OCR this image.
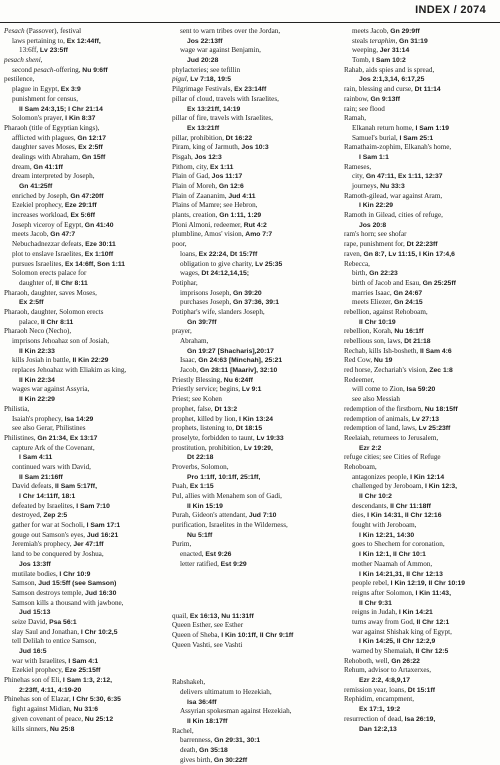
INDEX / 2074
Pesach (Passover), festival
laws pertaining to, Ex 12:44ff,
13:6ff, Lv 23:5ff
pesach sheni,
second pesach-offering, Nu 9:6ff
pestilence,
plague in Egypt, Ex 3:9
punishment for census,
II Sam 24:3,15; I Chr 21:14
Solomon's prayer, I Kin 8:37
Pharaoh (title of Egyptian kings),
afflicted with plagues, Gn 12:17
daughter saves Moses, Ex 2:5ff
dealings with Abraham, Gn 15ff
dream, Gn 41:1ff
dream interpreted by Joseph,
Gn 41:25ff
enriched by Joseph, Gn 47:20ff
Ezekiel prophecy, Eze 29:1ff
increases workload, Ex 5:6ff
Joseph viceroy of Egypt, Gn 41:40
meets Jacob, Gn 47:7
Nebuchadnezzar defeats, Eze 30:11
plot to enslave Israelites, Ex 1:10ff
pursues Israelites, Ex 14:6ff, Son 1:11
Solomon erects palace for
daughter of, II Chr 8:11
Pharaoh, daughter, saves Moses,
Ex 2:5ff
Pharaoh, daughter, Solomon erects
palace, II Chr 8:11
Pharaoh Neco (Necho),
imprisons Jehoahaz son of Josiah,
II Kin 22:33
kills Josiah in battle, II Kin 22:29
replaces Jehoahaz with Eliakim as king,
II Kin 22:34
wages war against Assyria,
II Kin 22:29
Philistia,
Isaiah's prophecy, Isa 14:29
see also Gerar, Philistines
Philistines, Gn 21:34, Ex 13:17
capture Ark of the Covenant,
I Sam 4:11
continued wars with David,
II Sam 21:16ff
David defeats, II Sam 5:17ff,
I Chr 14:11ff, 18:1
defeated by Israelites, I Sam 7:10
destroyed, Zep 2:5
gather for war at Socholi, I Sam 17:1
gouge out Samson's eyes, Jud 16:21
Jeremiah's prophecy, Jer 47:1ff
land to be conquered by Joshua,
Jos 13:3ff
mutilate bodies, I Chr 10:9
Samson, Jud 15:5ff (see Samson)
Samson destroys temple, Jud 16:30
Samson kills a thousand with jawbone,
Jud 15:13
seize David, Psa 56:1
slay Saul and Jonathan, I Chr 10:2,5
tell Delilah to entice Samson,
Jud 16:5
war with Israelites, I Sam 4:1
Ezekiel prophecy, Eze 25:15ff
Phinehas son of Eli, I Sam 1:3, 2:12,
2:23ff, 4:11, 4:19-20
Phinehas son of Elazar, I Chr 5:30, 6:35
fight against Midian, Nu 31:6
given covenant of peace, Nu 25:12
kills sinners, Nu 25:8
sent to warn tribes over the Jordan,
Jos 22:13ff
wage war against Benjamin,
Jud 20:28
phylacteries; see tefillin
pigul, Lv 7:18, 19:5
Pilgrimage Festivals, Ex 23:14ff
pillar of cloud, travels with Israelites,
Ex 13:21ff, 14:19
pillar of fire, travels with Israelites,
Ex 13:21ff
pillar, prohibition, Dt 16:22
Piram, king of Jarmuth, Jos 10:3
Pisgah, Jos 12:3
Pithom, city, Ex 1:11
Plain of Gad, Jos 11:17
Plain of Moreh, Gn 12:6
Plain of Zaananim, Jud 4:11
Plains of Mamre; see Hebron,
plants, creation, Gn 1:11, 1:29
Ploni Almoni, redeemer, Rut 4:2
plumbline, Amos' vision, Amo 7:7
poor,
loans, Ex 22:24, Dt 15:7ff
obligation to give charity, Lv 25:35
wages, Dt 24:12,14,15;
Potiphar,
imprisons Joseph, Gn 39:20
purchases Joseph, Gn 37:36, 39:1
Potiphar's wife, slanders Joseph,
Gn 39:7ff
prayer,
Abraham,
Gn 19:27 [Shacharis],20:17
Isaac, Gn 24:63 [Minchah], 25:21
Jacob, Gn 28:11 [Maariv], 32:10
Priestly Blessing, Nu 6:24ff
Priestly service; begins, Lv 9:1
Priest; see Kohen
prophet, false, Dt 13:2
prophet, killed by lion, I Kin 13:24
prophets, listening to, Dt 18:15
proselyte, forbidden to taunt, Lv 19:33
prostitution, prohibition, Lv 19:29,
Dt 22:18
Proverbs, Solomon,
Pro 1:1ff, 10:1ff, 25:1ff,
Puah, Ex 1:15
Pul, allies with Menahem son of Gadi,
II Kin 15:19
Purah, Gideon's attendant, Jud 7:10
purification, Israelites in the Wilderness,
Nu 5:1ff
Purim,
enacted, Est 9:26
letter ratified, Est 9:29
quail, Ex 16:13, Nu 11:31ff
Queen Esther, see Esther
Queen of Sheba, I Kin 10:1ff, II Chr 9:1ff
Queen Vashti, see Vashti
Rabshakeh,
delivers ultimatum to Hezekiah,
Isa 36:4ff
Assyrian spokesman against Hezekiah,
II Kin 18:17ff
Rachel,
barrenness, Gn 29:31, 30:1
death, Gn 35:18
gives birth, Gn 30:22ff
meets Jacob, Gn 29:9ff
steals teraphim, Gn 31:19
weeping, Jer 31:14
Tomb, I Sam 10:2
Rahab, aids spies and is spread,
Jos 2:1,3,14, 6:17,25
rain, blessing and curse, Dt 11:14
rainbow, Gn 9:13ff
rain; see flood
Ramah,
Elkanah return home, I Sam 1:19
Samuel's burial, I Sam 25:1
Ramathaim-zophim, Elkanah's home,
I Sam 1:1
Rameses,
city, Gn 47:11, Ex 1:11, 12:37
journeys, Nu 33:3
Ramoth-gilead, war against Aram,
I Kin 22:29
Ramoth in Gilead, cities of refuge,
Jos 20:8
ram's horn; see shofar
rape, punishment for, Dt 22:23ff
raven, Gn 8:7, Lv 11:15, I Kin 17:4,6
Rebecca,
birth, Gn 22:23
birth of Jacob and Esau, Gn 25:25ff
marries Isaac, Gn 24:67
meets Eliezer, Gn 24:15
rebellion, against Rehoboam,
II Chr 10:19
rebellion, Korah, Nu 16:1ff
rebellious son, laws, Dt 21:18
Rechab, kills Ish-bosheth, II Sam 4:6
Red Cow, Nu 19
red horse, Zechariah's vision, Zec 1:8
Redeemer,
will come to Zion, Isa 59:20
see also Messiah
redemption of the firstborn, Nu 18:15ff
redemption of animals, Lv 27:13
redemption of land, laws, Lv 25:23ff
Reelaiah, returnees to Jerusalem,
Ezr 2:2
refuge cities; see Cities of Refuge
Rehoboam,
antagonizes people, I Kin 12:14
challenged by Jeroboam, I Kin 12:3,
II Chr 10:2
descendants, II Chr 11:18ff
dies, I Kin 14:31, II Chr 12:16
fought with Jeroboam,
I Kin 12:21, 14:30
goes to Shechem for coronation,
I Kin 12:1, II Chr 10:1
mother Naamah of Ammon,
I Kin 14:21,31, II Chr 12:13
people rebel, I Kin 12:19, II Chr 10:19
reigns after Solomon, I Kin 11:43,
II Chr 9:31
reigns in Judah, I Kin 14:21
turns away from God, II Chr 12:1
war against Shishak king of Egypt,
I Kin 14:25, II Chr 12:2,9
warned by Shemaiah, II Chr 12:5
Rehoboth, well, Gn 26:22
Rehum, advisor to Artaxerxes,
Ezr 2:2, 4:8,9,17
remission year, loans, Dt 15:1ff
Rephidim, encampment,
Ex 17:1, 19:2
resurrection of dead, Isa 26:19,
Dan 12:2,13
